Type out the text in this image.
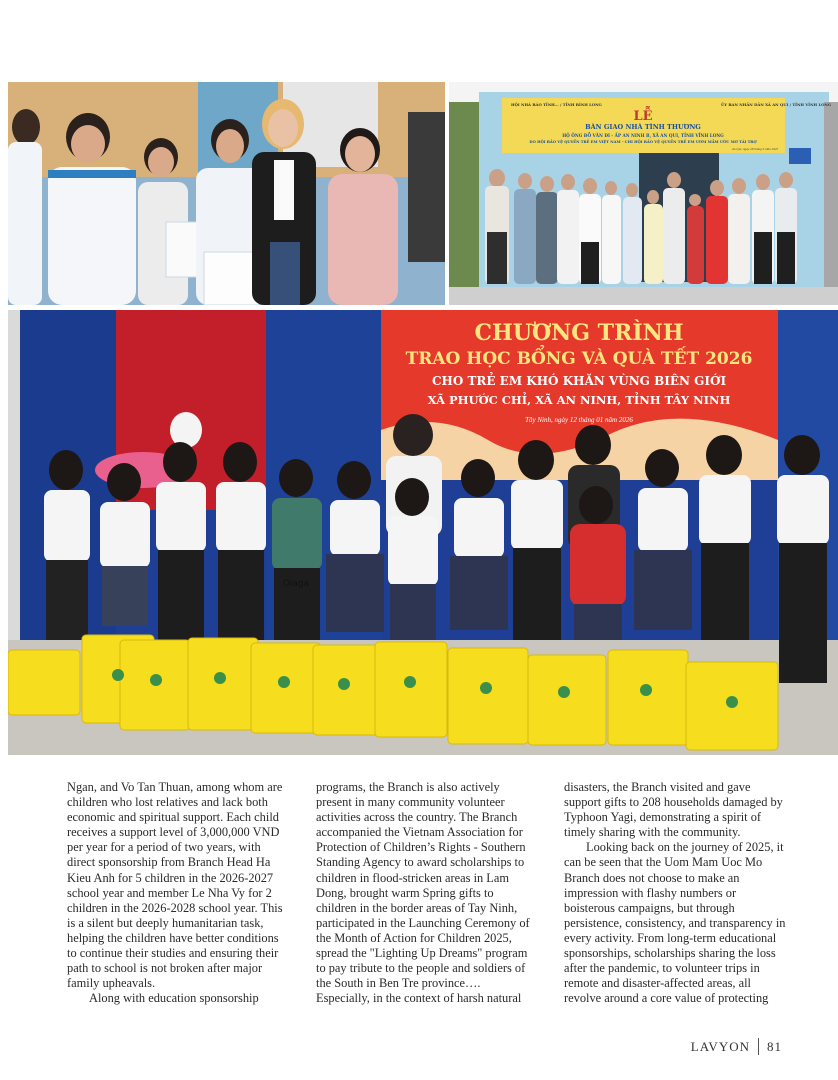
HỘI NHÀ BÁO TỈNH... / TỈNH BÌNH LONG	ỦY BAN NHÂN DÂN XÃ AN QUI / TỈNH VĨNH LONG
LỄ
BÀN GIAO NHÀ TÌNH THƯƠNG
HỘ ÔNG ĐỖ VĂN ĐI - ẤP AN NINH B, XÃ AN QUI, TỈNH VĨNH LONG
DO HỘI BẢO VỆ QUYỀN TRẺ EM VIỆT NAM - CHI HỘI BẢO VỆ QUYỀN TRẺ EM ƯƠM MẦM ƯỚC MƠ TÀI TRỢ
An Qui, ngày 28 tháng 6 năm 2025
CHƯƠNG TRÌNH
TRAO HỌC BỔNG VÀ QUÀ TẾT 2026
CHO TRẺ EM KHÓ KHĂN VÙNG BIÊN GIỚI
XÃ PHƯỚC CHỈ, XÃ AN NINH, TỈNH TÂY NINH
Tây Ninh, ngày 12 tháng 01 năm 2026
Oiaga

Ngan, and Vo Tan Thuan, among whom are children who lost relatives and lack both economic and spiritual support. Each child receives a support level of 3,000,000 VND per year for a period of two years, with direct sponsorship from Branch Head Ha Kieu Anh for 5 children in the 2026-2027 school year and member Le Nha Vy for 2 children in the 2026-2028 school year. This is a silent but deeply humanitarian task, helping the children have better conditions to continue their studies and ensuring their path to school is not broken after major family upheavals.

Along with education sponsorship

programs, the Branch is also actively present in many community volunteer activities across the country. The Branch accompanied the Vietnam Association for Protection of Children’s Rights - Southern Standing Agency to award scholarships to children in flood-stricken areas in Lam Dong, brought warm Spring gifts to children in the border areas of Tay Ninh, participated in the Launching Ceremony of the Month of Action for Children 2025, spread the "Lighting Up Dreams" program to pay tribute to the people and soldiers of the South in Ben Tre province…. Especially, in the context of harsh natural

disasters, the Branch visited and gave support gifts to 208 households damaged by Typhoon Yagi, demonstrating a spirit of timely sharing with the community.

Looking back on the journey of 2025, it can be seen that the Uom Mam Uoc Mo Branch does not choose to make an impression with flashy numbers or boisterous campaigns, but through persistence, consistency, and transparency in every activity. From long-term educational sponsorships, scholarships sharing the loss after the pandemic, to volunteer trips in remote and disaster-affected areas, all revolve around a core value of protecting

LAVYON 81
